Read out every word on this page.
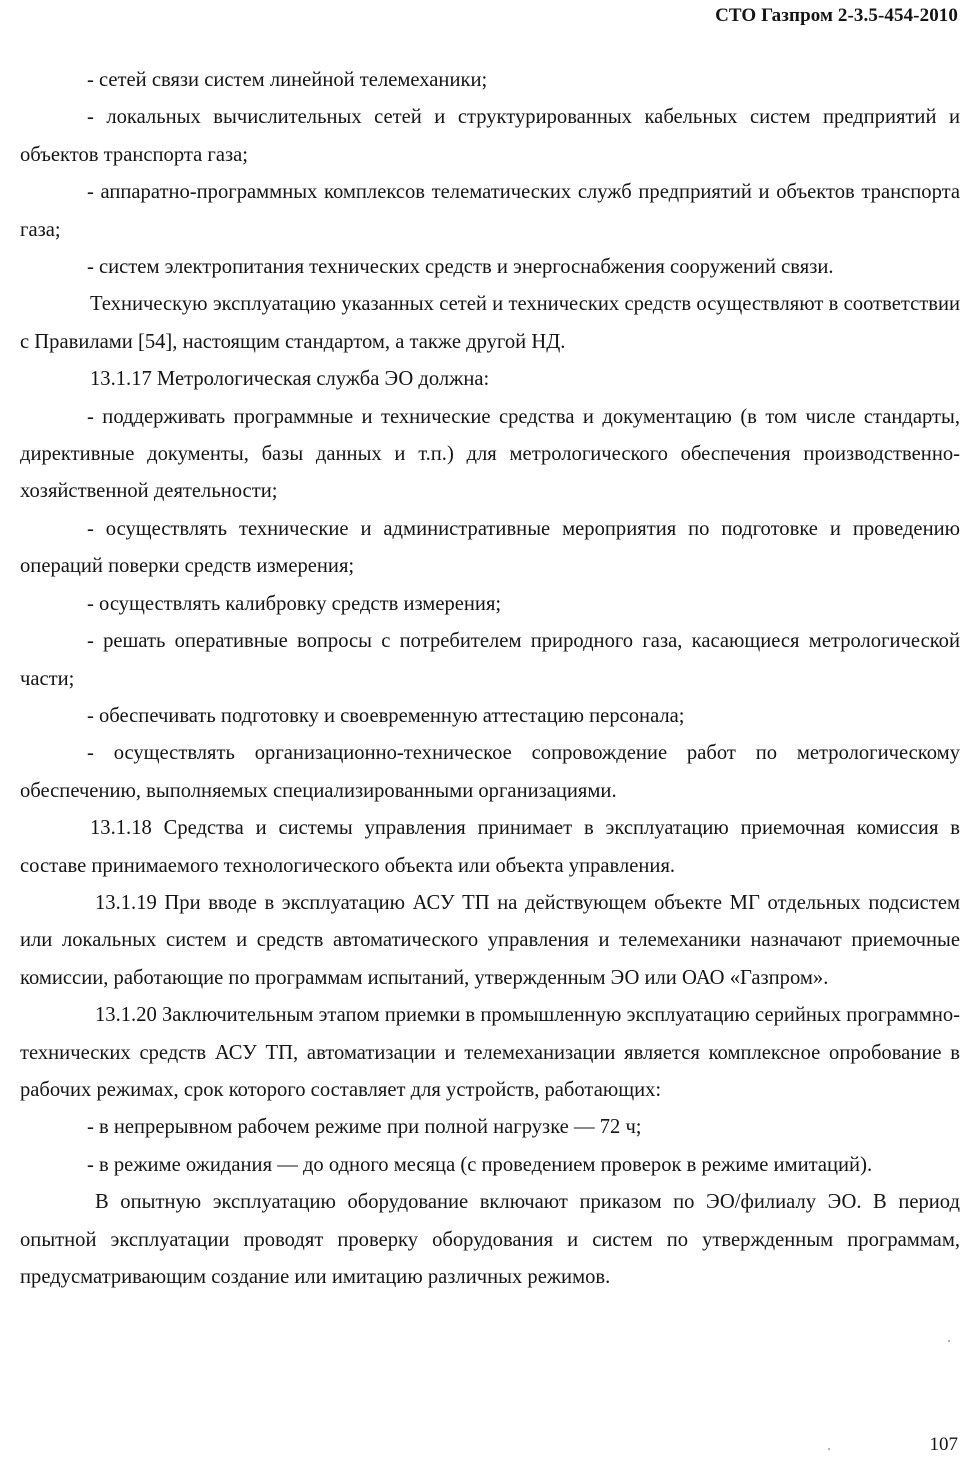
СТО Газпром 2-3.5-454-2010

- сетей связи систем линейной телемеханики;

- локальных вычислительных сетей и структурированных кабельных систем предприятий и объектов транспорта газа;

- аппаратно-программных комплексов телематических служб предприятий и объектов транспорта газа;

- систем электропитания технических средств и энергоснабжения сооружений связи.

Техническую эксплуатацию указанных сетей и технических средств осуществляют в соответствии с Правилами [54], настоящим стандартом, а также другой НД.

13.1.17 Метрологическая служба ЭО должна:

- поддерживать программные и технические средства и документацию (в том числе стандарты, директивные документы, базы данных и т.п.) для метрологического обеспечения производственно-хозяйственной деятельности;

- осуществлять технические и административные мероприятия по подготовке и проведению операций поверки средств измерения;

- осуществлять калибровку средств измерения;

- решать оперативные вопросы с потребителем природного газа, касающиеся метрологической части;

- обеспечивать подготовку и своевременную аттестацию персонала;

- осуществлять организационно-техническое сопровождение работ по метрологическому обеспечению, выполняемых специализированными организациями.

13.1.18 Средства и системы управления принимает в эксплуатацию приемочная комиссия в составе принимаемого технологического объекта или объекта управления.

13.1.19 При вводе в эксплуатацию АСУ ТП на действующем объекте МГ отдельных подсистем или локальных систем и средств автоматического управления и телемеханики назначают приемочные комиссии, работающие по программам испытаний, утвержденным ЭО или ОАО «Газпром».

13.1.20 Заключительным этапом приемки в промышленную эксплуатацию серийных программно-технических средств АСУ ТП, автоматизации и телемеханизации является комплексное опробование в рабочих режимах, срок которого составляет для устройств, работающих:

- в непрерывном рабочем режиме при полной нагрузке — 72 ч;

- в режиме ожидания — до одного месяца (с проведением проверок в режиме имитаций).

В опытную эксплуатацию оборудование включают приказом по ЭО/филиалу ЭО. В период опытной эксплуатации проводят проверку оборудования и систем по утвержденным программам, предусматривающим создание или имитацию различных режимов.

107
